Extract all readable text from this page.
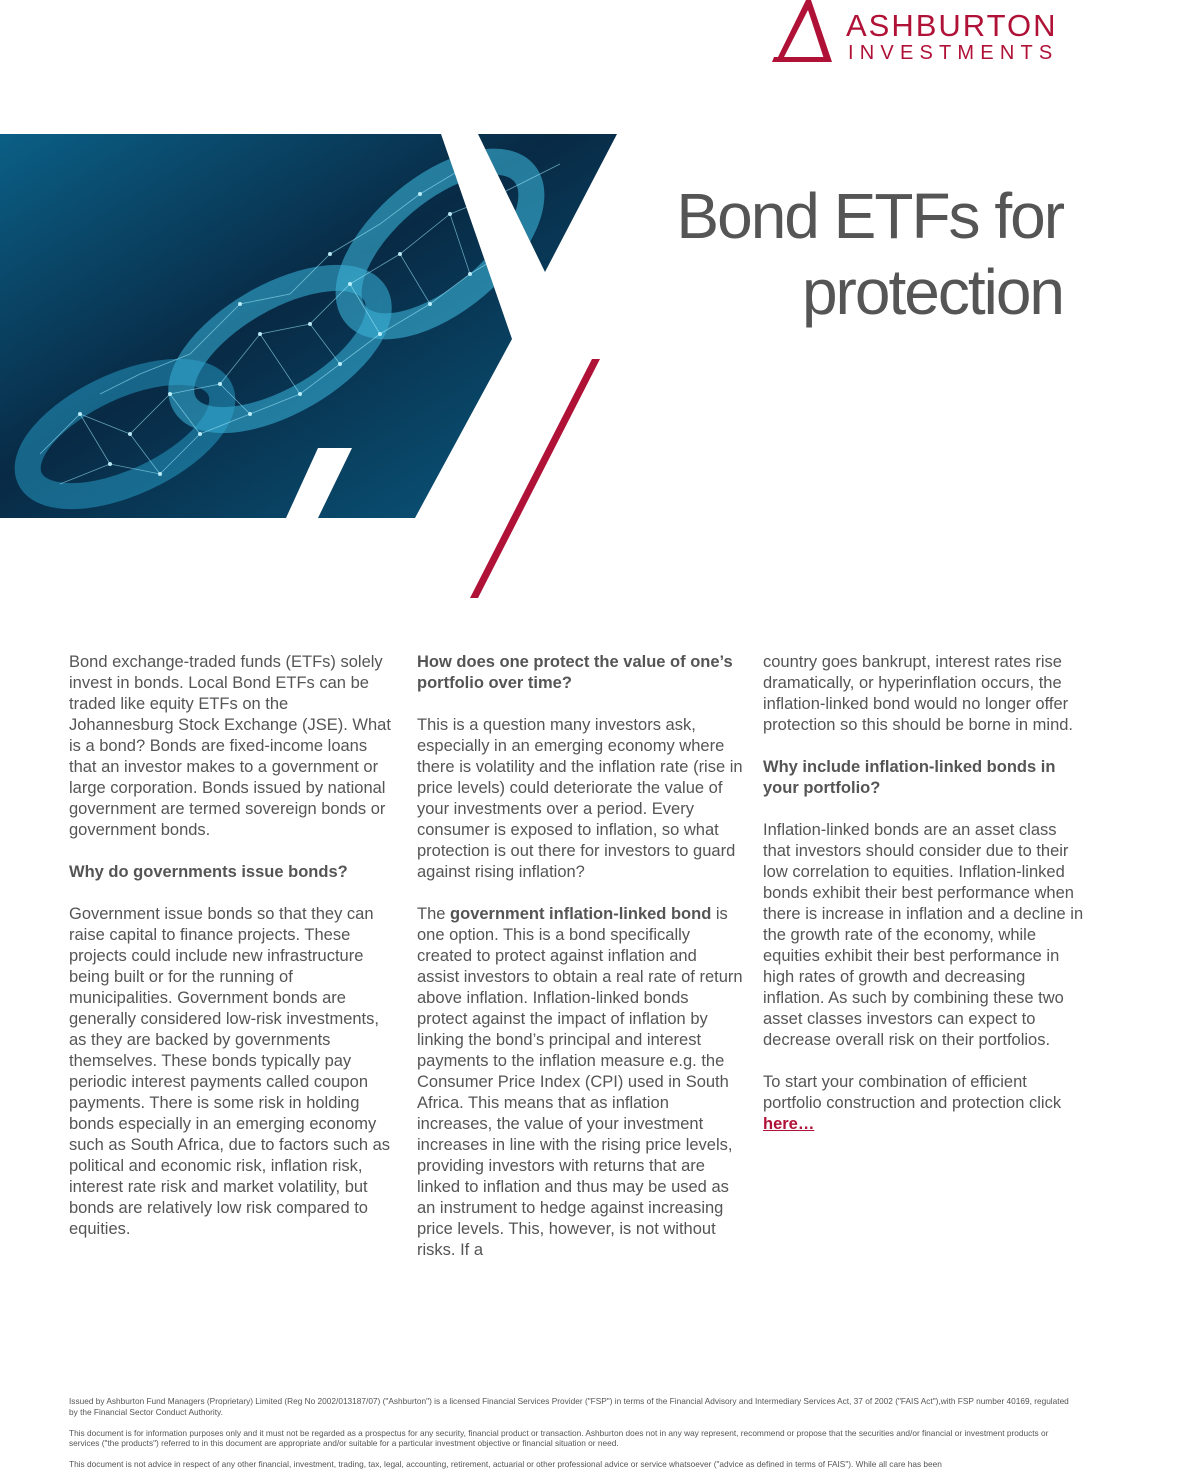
ASHBURTON
INVESTMENTS
Bond ETFs for
protection

Bond exchange-traded funds (ETFs) solely invest in bonds. Local Bond ETFs can be traded like equity ETFs on the Johannesburg Stock Exchange (JSE). What is a bond? Bonds are fixed-income loans that an investor makes to a government or large corporation. Bonds issued by national government are termed sovereign bonds or government bonds.

Why do governments issue bonds?

Government issue bonds so that they can raise capital to finance projects. These projects could include new infrastructure being built or for the running of municipalities. Government bonds are generally considered low-risk investments, as they are backed by governments themselves. These bonds typically pay periodic interest payments called coupon payments. There is some risk in holding bonds especially in an emerging economy such as South Africa, due to factors such as political and economic risk, inflation risk, interest rate risk and market volatility, but bonds are relatively low risk compared to equities.

How does one protect the value of one’s portfolio over time?

This is a question many investors ask, especially in an emerging economy where there is volatility and the inflation rate (rise in price levels) could deteriorate the value of your investments over a period. Every consumer is exposed to inflation, so what protection is out there for investors to guard against rising inflation?

The government inflation-linked bond is one option. This is a bond specifically created to protect against inflation and assist investors to obtain a real rate of return above inflation. Inflation-linked bonds protect against the impact of inflation by linking the bond’s principal and interest payments to the inflation measure e.g. the Consumer Price Index (CPI) used in South Africa. This means that as inflation increases, the value of your investment increases in line with the rising price levels, providing investors with returns that are linked to inflation and thus may be used as an instrument to hedge against increasing price levels. This, however, is not without risks. If a

country goes bankrupt, interest rates rise dramatically, or hyperinflation occurs, the inflation-linked bond would no longer offer protection so this should be borne in mind.

Why include inflation-linked bonds in your portfolio?

Inflation-linked bonds are an asset class that investors should consider due to their low correlation to equities. Inflation-linked bonds exhibit their best performance when there is increase in inflation and a decline in the growth rate of the economy, while equities exhibit their best performance in high rates of growth and decreasing inflation. As such by combining these two asset classes investors can expect to decrease overall risk on their portfolios.

To start your combination of efficient portfolio construction and protection click here…

Issued by Ashburton Fund Managers (Proprietary) Limited (Reg No 2002/013187/07) ("Ashburton") is a licensed Financial Services Provider ("FSP") in terms of the Financial Advisory and Intermediary Services Act, 37 of 2002 ("FAIS Act"),with FSP number 40169, regulated by the Financial Sector Conduct Authority.

This document is for information purposes only and it must not be regarded as a prospectus for any security, financial product or transaction. Ashburton does not in any way represent, recommend or propose that the securities and/or financial or investment products or services ("the products") referred to in this document are appropriate and/or suitable for a particular investment objective or financial situation or need.

This document is not advice in respect of any other financial, investment, trading, tax, legal, accounting, retirement, actuarial or other professional advice or service whatsoever ("advice as defined in terms of FAIS"). While all care has been
